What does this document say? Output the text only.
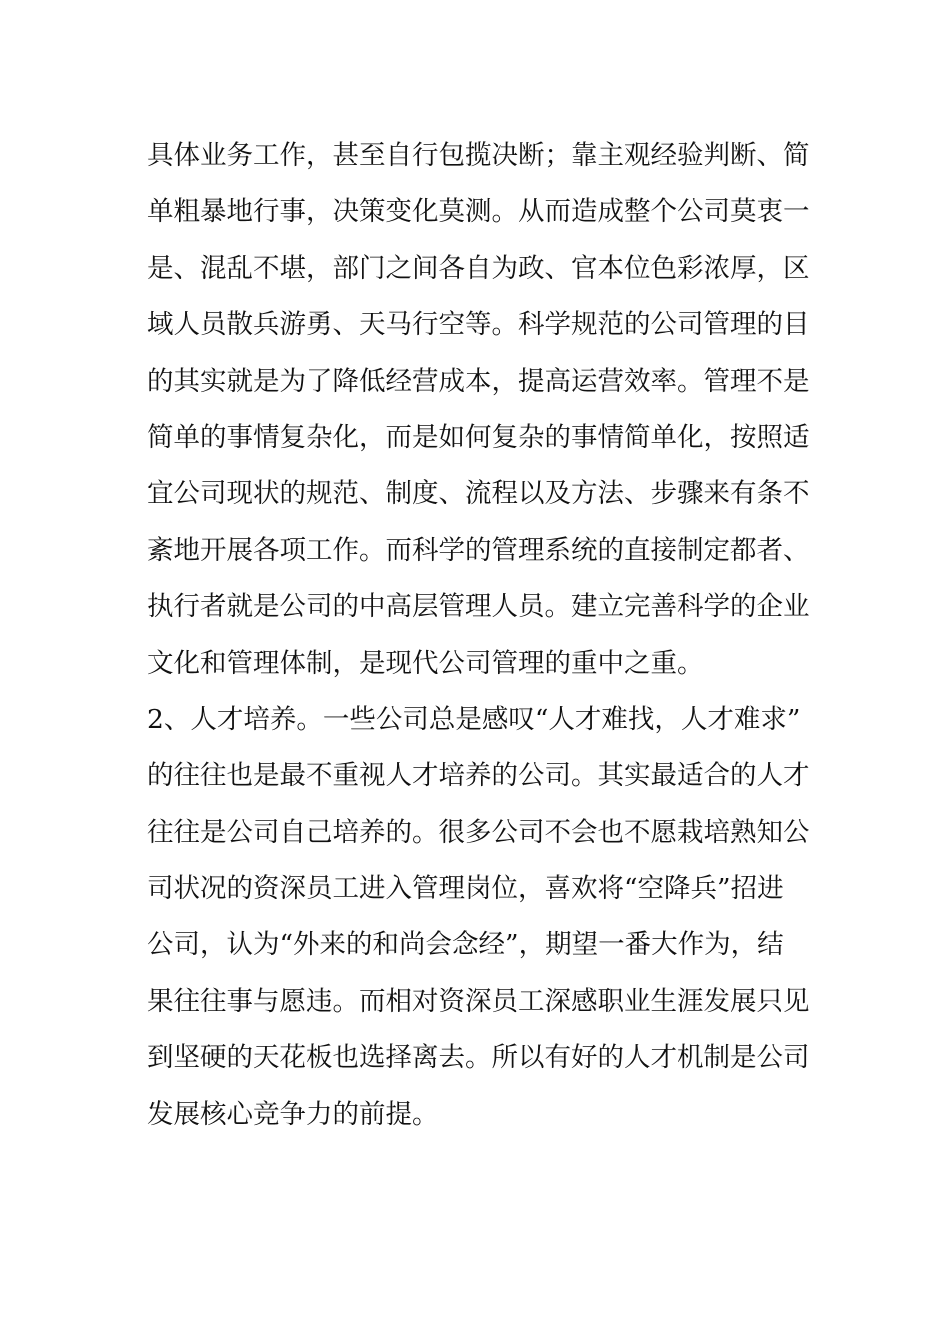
具体业务工作，甚至自行包揽决断；靠主观经验判断、简
单粗暴地行事，决策变化莫测。从而造成整个公司莫衷一
是、混乱不堪，部门之间各自为政、官本位色彩浓厚，区
域人员散兵游勇、天马行空等。科学规范的公司管理的目
的其实就是为了降低经营成本，提高运营效率。管理不是
简单的事情复杂化，而是如何复杂的事情简单化，按照适
宜公司现状的规范、制度、流程以及方法、步骤来有条不
紊地开展各项工作。而科学的管理系统的直接制定都者、
执行者就是公司的中高层管理人员。建立完善科学的企业
文化和管理体制，是现代公司管理的重中之重。
2、人才培养。一些公司总是感叹“人才难找，人才难求”
的往往也是最不重视人才培养的公司。其实最适合的人才
往往是公司自己培养的。很多公司不会也不愿栽培熟知公
司状况的资深员工进入管理岗位，喜欢将“空降兵”招进
公司，认为“外来的和尚会念经”，期望一番大作为，结
果往往事与愿违。而相对资深员工深感职业生涯发展只见
到坚硬的天花板也选择离去。所以有好的人才机制是公司
发展核心竞争力的前提。
